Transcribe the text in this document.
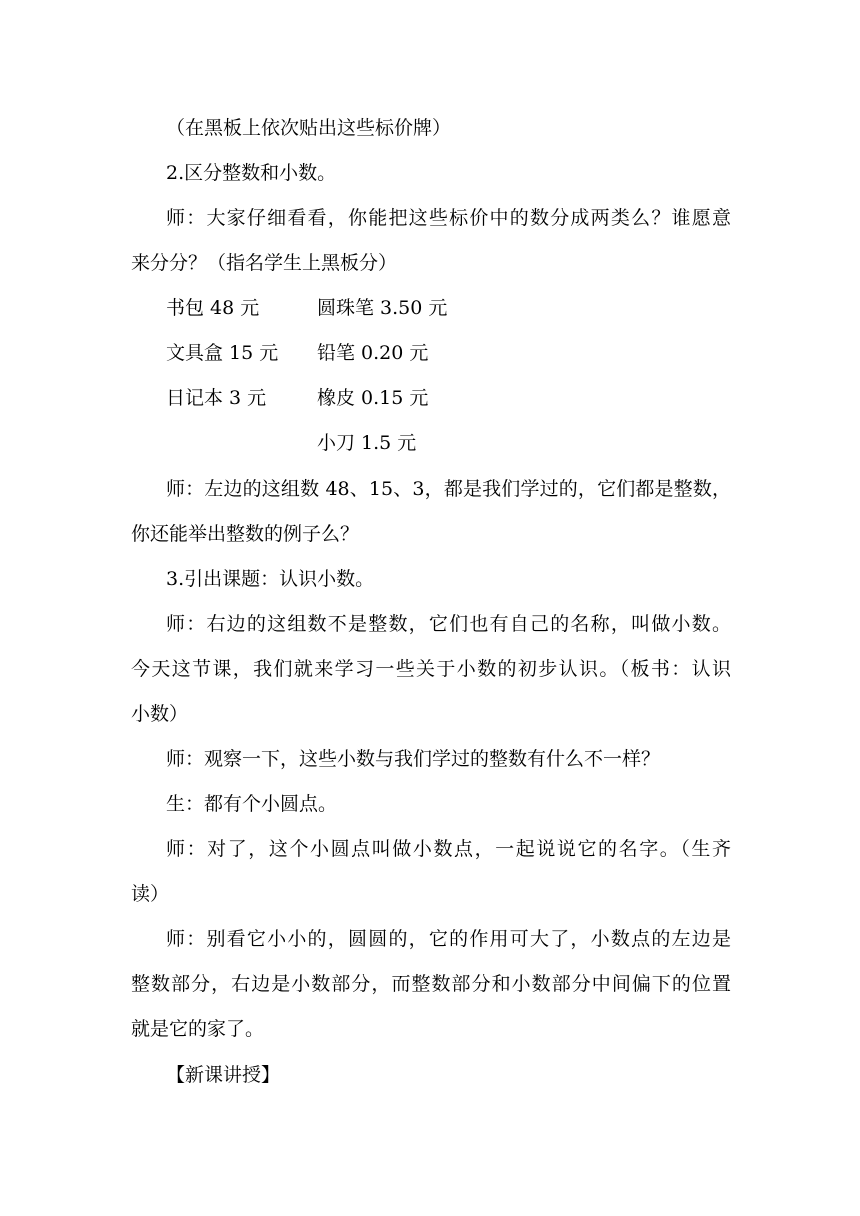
（在黑板上依次贴出这些标价牌）
2.区分整数和小数。
师：大家仔细看看，你能把这些标价中的数分成两类么？谁愿意
来分分？（指名学生上黑板分）
书包 48 元	圆珠笔 3.50 元
文具盒 15 元 铅笔 0.20 元
日记本 3 元	橡皮 0.15 元
小刀 1.5 元
师：左边的这组数 48、15、3，都是我们学过的，它们都是整数，
你还能举出整数的例子么？
3.引出课题：认识小数。
师：右边的这组数不是整数，它们也有自己的名称，叫做小数。
今天这节课，我们就来学习一些关于小数的初步认识。（板书：认识
小数）
师：观察一下，这些小数与我们学过的整数有什么不一样？
生：都有个小圆点。
师：对了，这个小圆点叫做小数点，一起说说它的名字。（生齐
读）
师：别看它小小的，圆圆的，它的作用可大了，小数点的左边是
整数部分，右边是小数部分，而整数部分和小数部分中间偏下的位置
就是它的家了。
【新课讲授】
